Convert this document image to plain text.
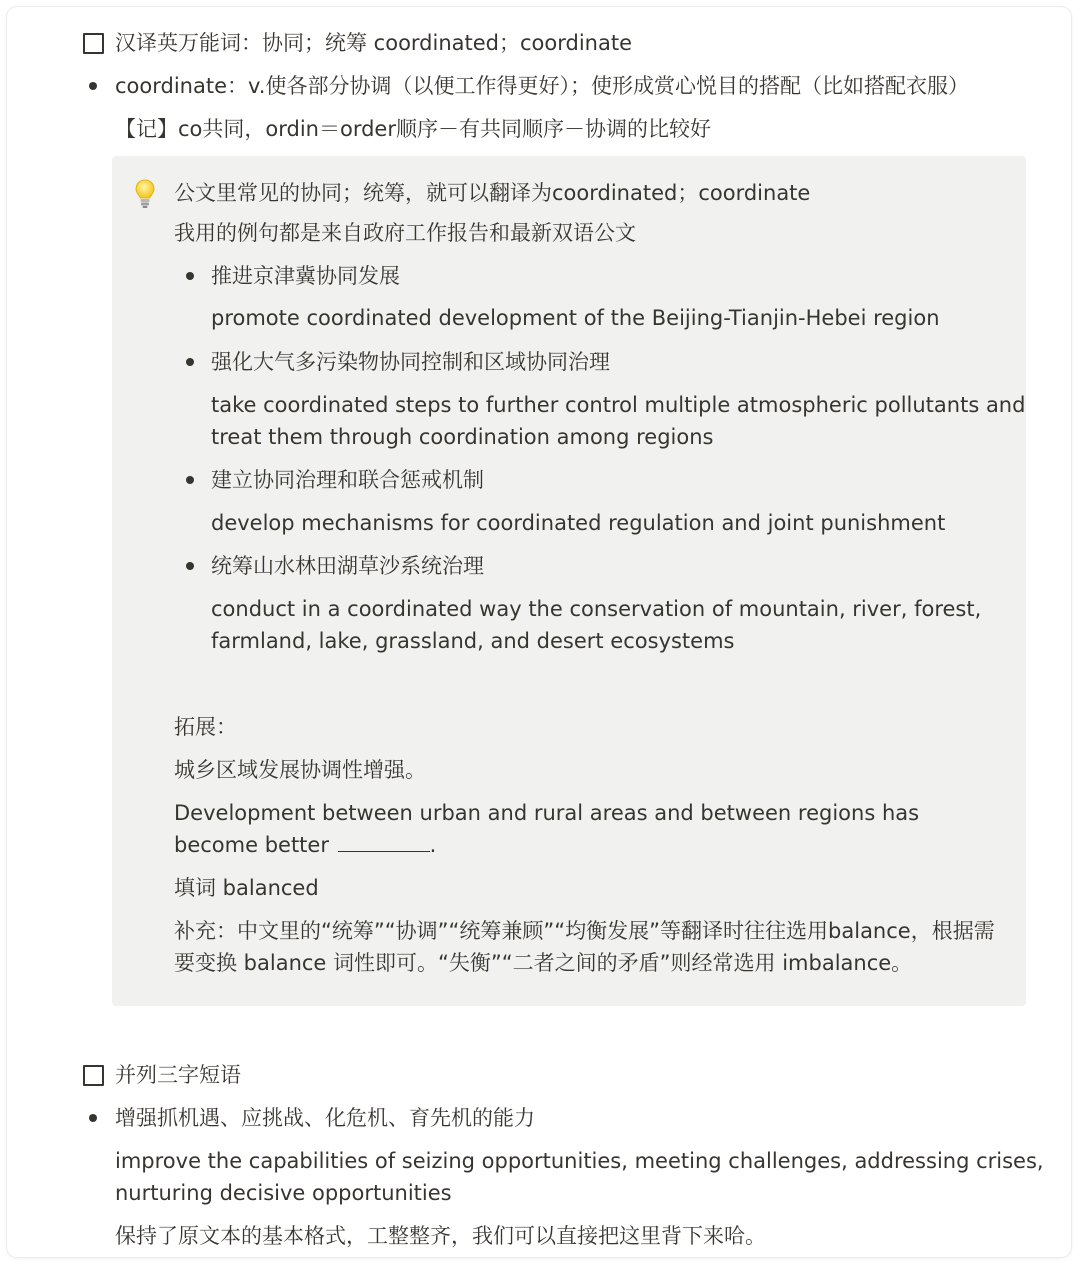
汉译英万能词：协同；统筹 coordinated；coordinate
coordinate：v.使各部分协调（以便工作得更好）；使形成赏心悦目的搭配（比如搭配衣服）
【记】co共同，ordin＝order顺序－有共同顺序－协调的比较好
公文里常见的协同；统筹，就可以翻译为coordinated；coordinate
我用的例句都是来自政府工作报告和最新双语公文
推进京津冀协同发展
promote coordinated development of the Beijing-Tianjin-Hebei region
强化大气多污染物协同控制和区域协同治理
take coordinated steps to further control multiple atmospheric pollutants and
treat them through coordination among regions
建立协同治理和联合惩戒机制
develop mechanisms for coordinated regulation and joint punishment
统筹山水林田湖草沙系统治理
conduct in a coordinated way the conservation of mountain, river, forest,
farmland, lake, grassland, and desert ecosystems
拓展：
城乡区域发展协调性增强。
Development between urban and rural areas and between regions has
become better	.
填词 balanced
补充：中文里的“统筹”“协调”“统筹兼顾”“均衡发展”等翻译时往往选用balance，根据需
要变换 balance 词性即可。“失衡”“二者之间的矛盾”则经常选用 imbalance。
并列三字短语
增强抓机遇、应挑战、化危机、育先机的能力
improve the capabilities of seizing opportunities, meeting challenges, addressing crises,
nurturing decisive opportunities
保持了原文本的基本格式，工整整齐，我们可以直接把这里背下来哈。
